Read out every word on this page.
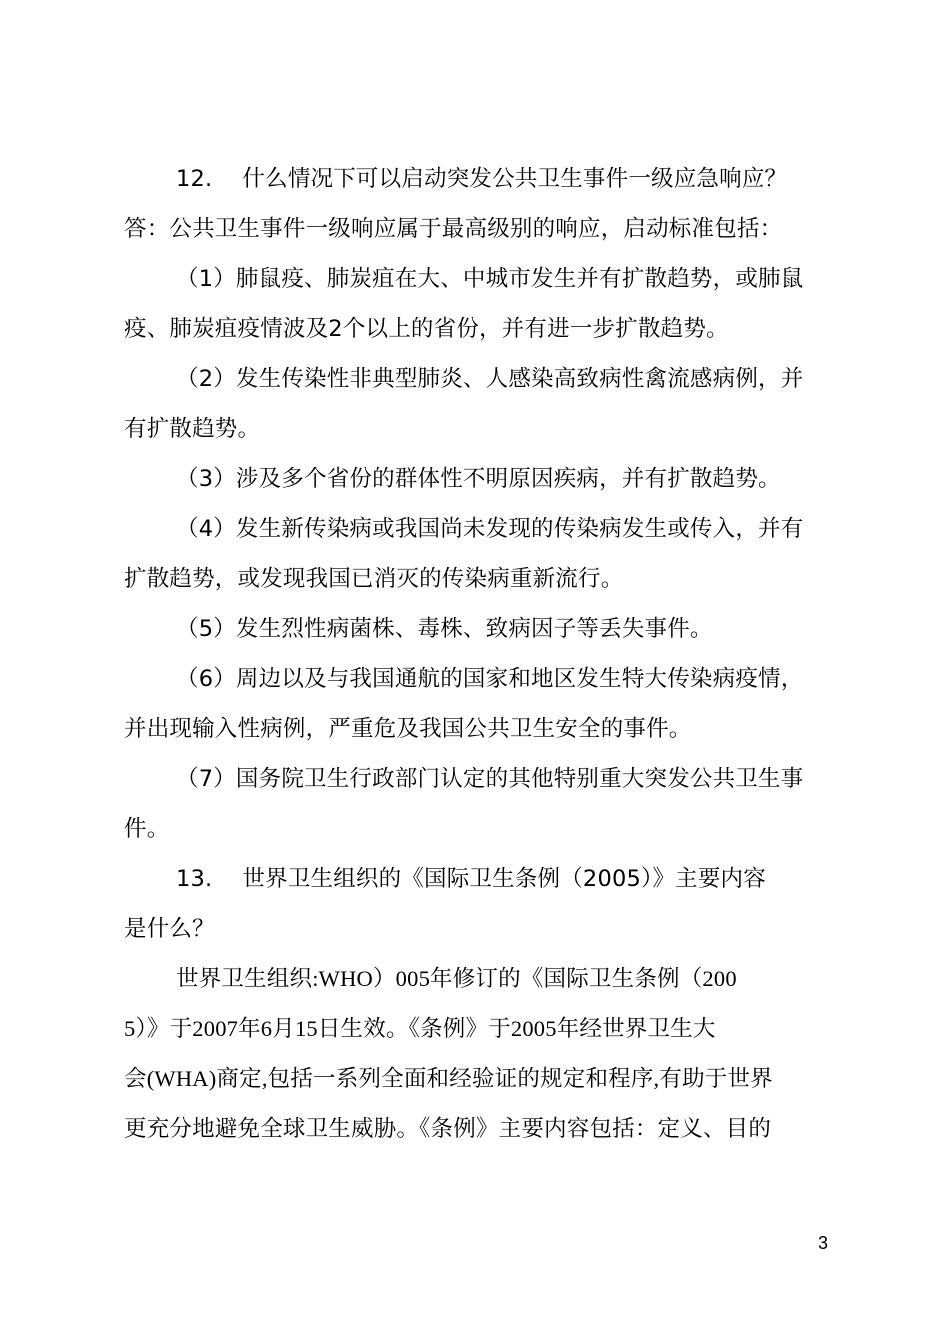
12.　 什么情况下可以启动突发公共卫生事件一级应急响应？
答：公共卫生事件一级响应属于最高级别的响应，启动标准包括：
（1）肺鼠疫、肺炭疽在大、中城市发生并有扩散趋势，或肺鼠
疫、肺炭疽疫情波及2个以上的省份，并有进一步扩散趋势。
（2）发生传染性非典型肺炎、人感染高致病性禽流感病例，并
有扩散趋势。
（3）涉及多个省份的群体性不明原因疾病，并有扩散趋势。
（4）发生新传染病或我国尚未发现的传染病发生或传入，并有
扩散趋势，或发现我国已消灭的传染病重新流行。
（5）发生烈性病菌株、毒株、致病因子等丢失事件。
（6）周边以及与我国通航的国家和地区发生特大传染病疫情，
并出现输入性病例，严重危及我国公共卫生安全的事件。
（7）国务院卫生行政部门认定的其他特别重大突发公共卫生事
件。
13.　 世界卫生组织的《国际卫生条例（2005）》主要内容
是什么？
世界卫生组织:WHO）005年修订的《国际卫生条例（200
5）》于2007年6月15日生效。《条例》于2005年经世界卫生大
会(WHA)商定,包括一系列全面和经验证的规定和程序,有助于世界
更充分地避免全球卫生威胁。《条例》主要内容包括：定义、目的
3
